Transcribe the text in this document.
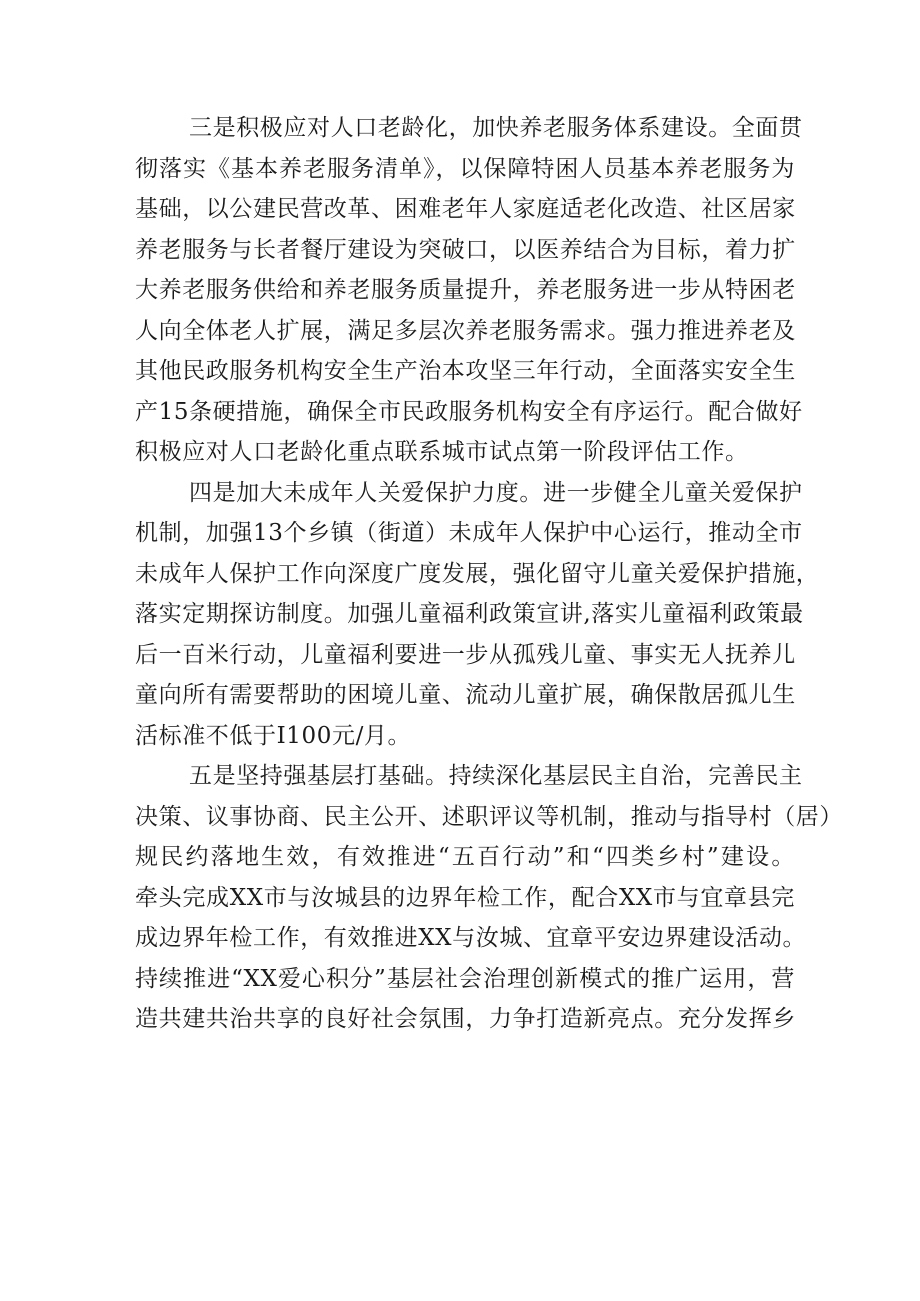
三是积极应对人口老龄化，加快养老服务体系建设。全面贯
彻落实《基本养老服务清单》，以保障特困人员基本养老服务为
基础，以公建民营改革、困难老年人家庭适老化改造、社区居家
养老服务与长者餐厅建设为突破口，以医养结合为目标，着力扩
大养老服务供给和养老服务质量提升，养老服务进一步从特困老
人向全体老人扩展，满足多层次养老服务需求。强力推进养老及
其他民政服务机构安全生产治本攻坚三年行动，全面落实安全生
产15条硬措施，确保全市民政服务机构安全有序运行。配合做好
积极应对人口老龄化重点联系城市试点第一阶段评估工作。
四是加大未成年人关爱保护力度。进一步健全儿童关爱保护
机制，加强13个乡镇（街道）未成年人保护中心运行，推动全市
未成年人保护工作向深度广度发展，强化留守儿童关爱保护措施，
落实定期探访制度。加强儿童福利政策宣讲,落实儿童福利政策最
后一百米行动，儿童福利要进一步从孤残儿童、事实无人抚养儿
童向所有需要帮助的困境儿童、流动儿童扩展，确保散居孤儿生
活标准不低于I100元/月。
五是坚持强基层打基础。持续深化基层民主自治，完善民主
决策、议事协商、民主公开、述职评议等机制，推动与指导村（居）
规民约落地生效，有效推进“五百行动”和“四类乡村”建设。
牵头完成XX市与汝城县的边界年检工作，配合XX市与宜章县完
成边界年检工作，有效推进XX与汝城、宜章平安边界建设活动。
持续推进“XX爱心积分”基层社会治理创新模式的推广运用，营
造共建共治共享的良好社会氛围，力争打造新亮点。充分发挥乡
